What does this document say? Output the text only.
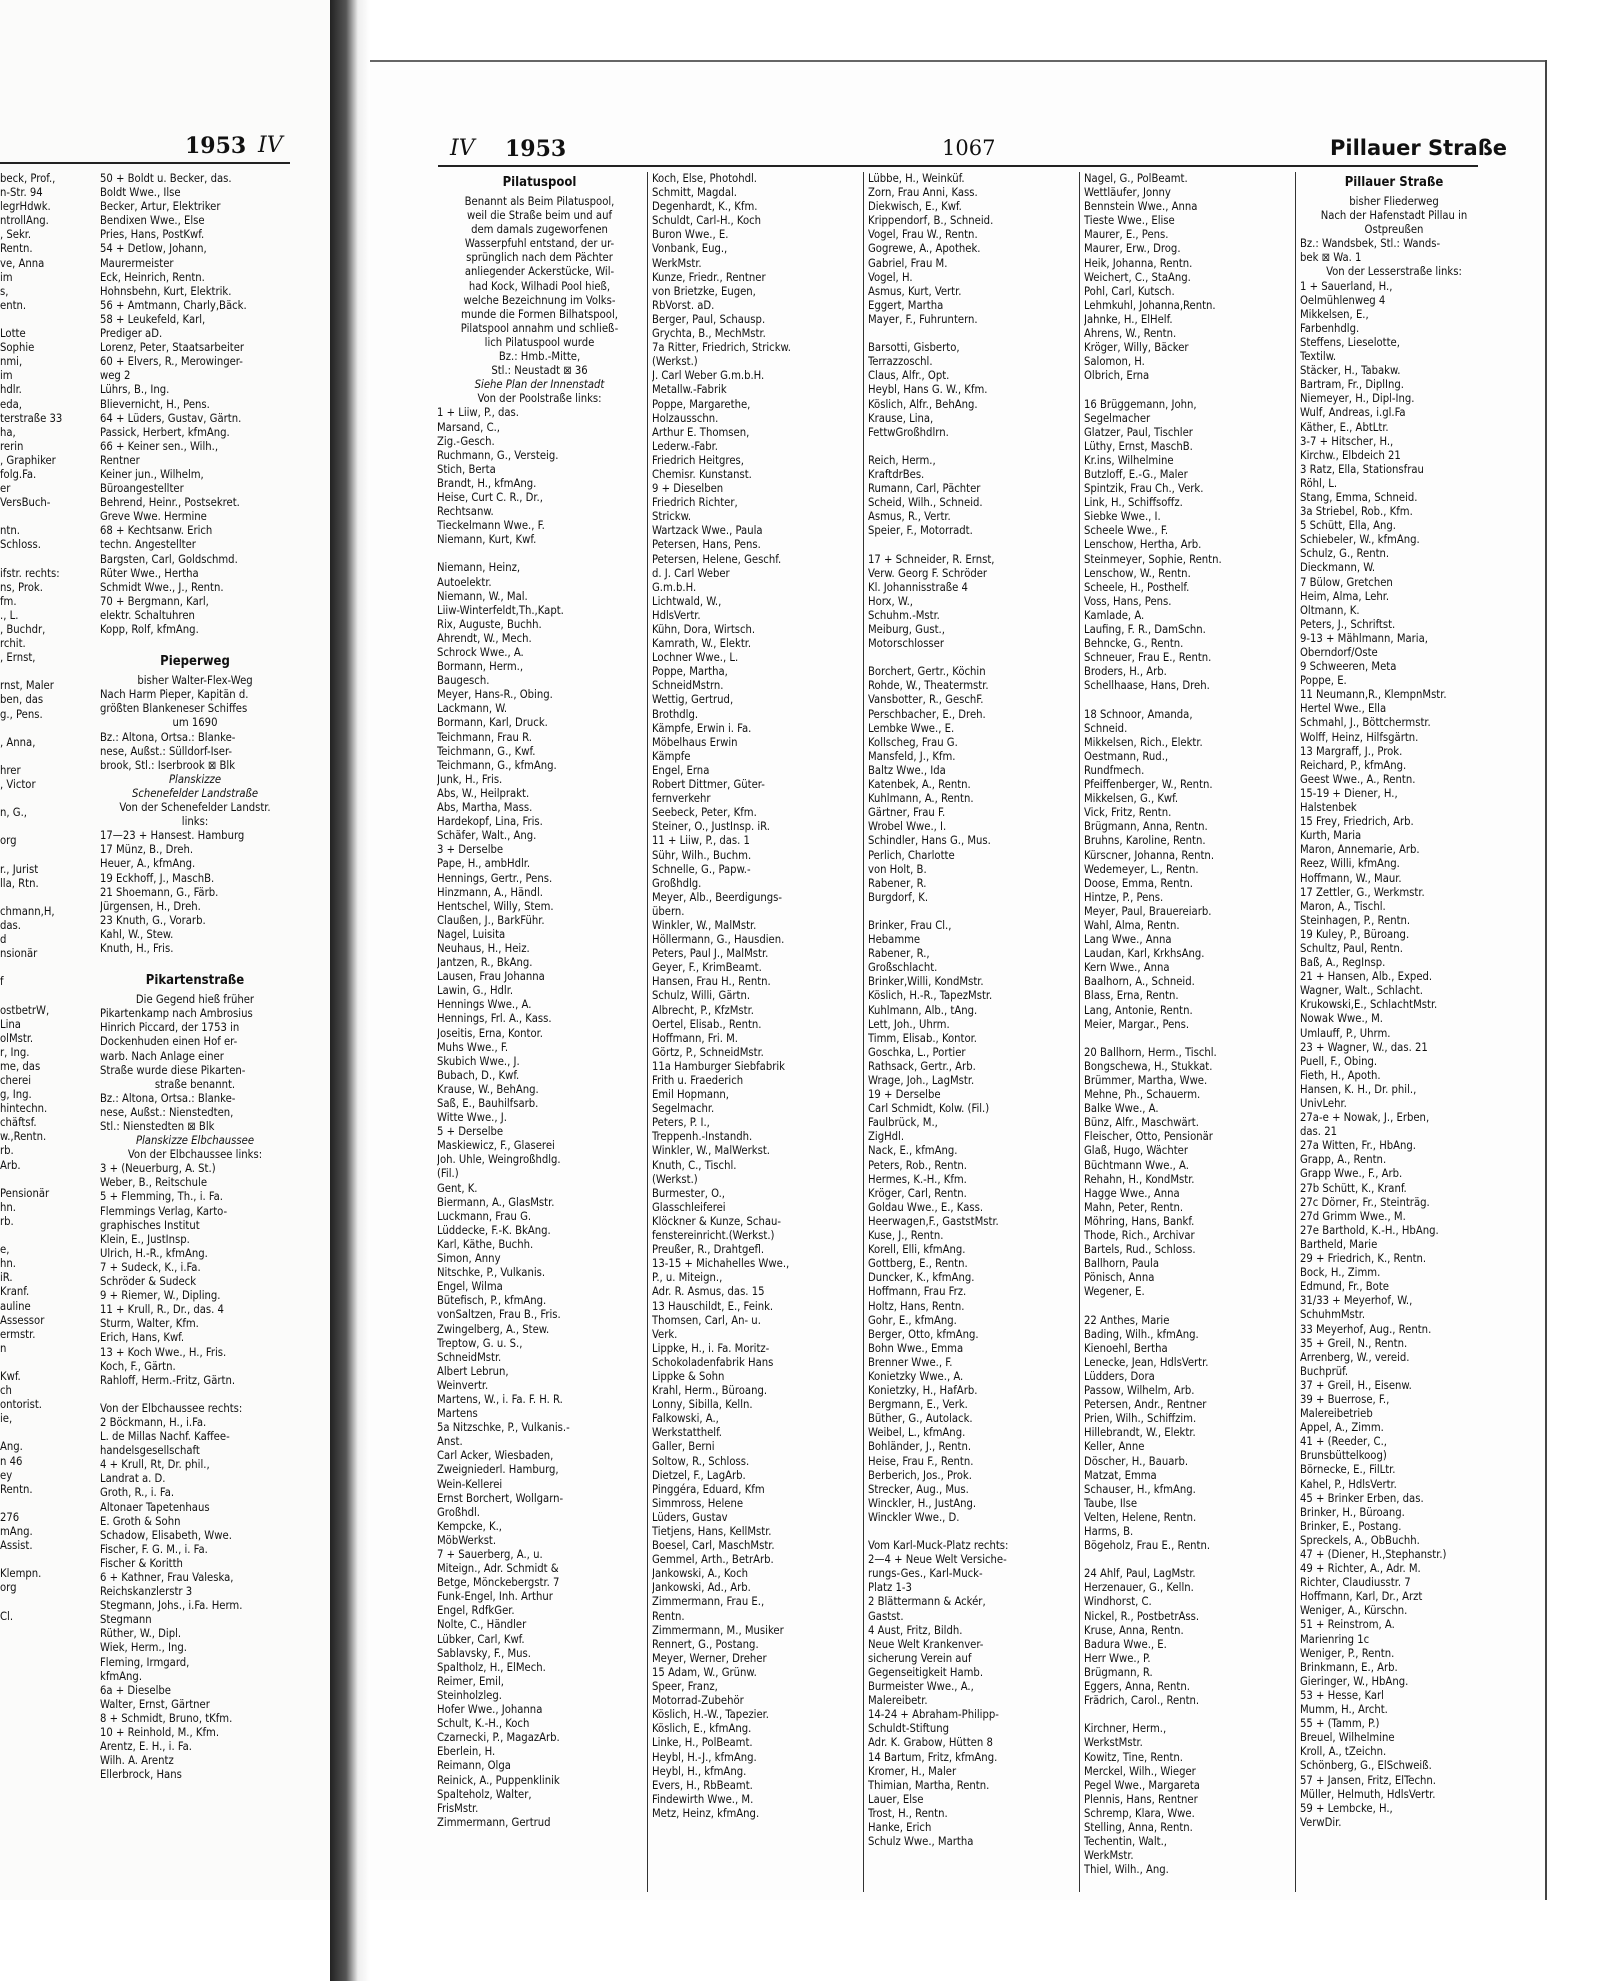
1953 IV	IV 1953	1067	Pillauer Straße
beck, Prof.,
n-Str. 94
legrHdwk.
ntrollAng.
, Sekr.
Rentn.
ve, Anna
im
s,
entn.
Lotte
Sophie
nmi,
im
hdlr.
eda,
terstraße 33
ha,
rerin
, Graphiker
folg.Fa.
er
VersBuch-
ntn.
Schloss.
ifstr. rechts:
ns, Prok.
fm.
., L.
, Buchdr,
rchit.
, Ernst,
rnst, Maler
ben, das
g., Pens.
, Anna,
hrer
, Victor
n, G.,
org
r., Jurist
lla, Rtn.
chmann,H,
das.
d
nsionär
f
ostbetrW,
Lina
olMstr.
r, Ing.
me, das
cherei
g, Ing.
hintechn.
chäftsf.
w.,Rentn.
rb.
Arb.
Pensionär
hn.
rb.
e,
hn.
iR.
Kranf.
auline
Assessor
ermstr.
n
Kwf.
ch
ontorist.
ie,
Ang.
n 46
ey
Rentn.
276
mAng.
Assist.
Klempn.
org
Cl.
50 + Boldt u. Becker, das.
Boldt Wwe., Ilse
Becker, Artur, Elektriker
Bendixen Wwe., Else
Pries, Hans, PostKwf.
54 + Detlow, Johann,
Maurermeister
Eck, Heinrich, Rentn.
Hohnsbehn, Kurt, Elektrik.
56 + Amtmann, Charly,Bäck.
58 + Leukefeld, Karl,
Prediger aD.
Lorenz, Peter, Staatsarbeiter
60 + Elvers, R., Merowinger-
weg 2
Lührs, B., Ing.
Blievernicht, H., Pens.
64 + Lüders, Gustav, Gärtn.
Passick, Herbert, kfmAng.
66 + Keiner sen., Wilh.,
Rentner
Keiner jun., Wilhelm,
Büroangestellter
Behrend, Heinr., Postsekret.
Greve Wwe. Hermine
68 + Kechtsanw. Erich
techn. Angestellter
Bargsten, Carl, Goldschmd.
Rüter Wwe., Hertha
Schmidt Wwe., J., Rentn.
70 + Bergmann, Karl,
elektr. Schaltuhren
Kopp, Rolf, kfmAng.
Pieperweg
bisher Walter-Flex-Weg
Nach Harm Pieper, Kapitän d.
größten Blankeneser Schiffes
um 1690
Bz.: Altona, Ortsa.: Blanke-
nese, Außst.: Sülldorf-Iser-
brook, Stl.: Iserbrook ⊠ Blk
Planskizze
Schenefelder Landstraße
Von der Schenefelder Landstr.
links:
17—23 + Hansest. Hamburg
17 Münz, B., Dreh.
Heuer, A., kfmAng.
19 Eckhoff, J., MaschB.
21 Shoemann, G., Färb.
Jürgensen, H., Dreh.
23 Knuth, G., Vorarb.
Kahl, W., Stew.
Knuth, H., Fris.
Pikartenstraße
Die Gegend hieß früher
Pikartenkamp nach Ambrosius
Hinrich Piccard, der 1753 in
Dockenhuden einen Hof er-
warb. Nach Anlage einer
Straße wurde diese Pikarten-
straße benannt.
Bz.: Altona, Ortsa.: Blanke-
nese, Außst.: Nienstedten,
Stl.: Nienstedten ⊠ Blk
Planskizze Elbchaussee
Von der Elbchaussee links:
3 + (Neuerburg, A. St.)
Weber, B., Reitschule
5 + Flemming, Th., i. Fa.
Flemmings Verlag, Karto-
graphisches Institut
Klein, E., JustInsp.
Ulrich, H.-R., kfmAng.
7 + Sudeck, K., i.Fa.
Schröder & Sudeck
9 + Riemer, W., Dipling.
11 + Krull, R., Dr., das. 4
Sturm, Walter, Kfm.
Erich, Hans, Kwf.
13 + Koch Wwe., H., Fris.
Koch, F., Gärtn.
Rahloff, Herm.-Fritz, Gärtn.
Von der Elbchaussee rechts:
2 Böckmann, H., i.Fa.
L. de Millas Nachf. Kaffee-
handelsgesellschaft
4 + Krull, Rt, Dr. phil.,
Landrat a. D.
Groth, R., i. Fa.
Altonaer Tapetenhaus
E. Groth & Sohn
Schadow, Elisabeth, Wwe.
Fischer, F. G. M., i. Fa.
Fischer & Koritth
6 + Kathner, Frau Valeska,
Reichskanzlerstr 3
Stegmann, Johs., i.Fa. Herm.
Stegmann
Rüther, W., Dipl.
Wiek, Herm., Ing.
Fleming, Irmgard,
kfmAng.
6a + Dieselbe
Walter, Ernst, Gärtner
8 + Schmidt, Bruno, tKfm.
10 + Reinhold, M., Kfm.
Arentz, E. H., i. Fa.
Wilh. A. Arentz
Ellerbrock, Hans
Pilatuspool
Benannt als Beim Pilatuspool,
weil die Straße beim und auf
dem damals zugeworfenen
Wasserpfuhl entstand, der ur-
sprünglich nach dem Pächter
anliegender Ackerstücke, Wil-
had Kock, Wilhadi Pool hieß,
welche Bezeichnung im Volks-
munde die Formen Bilhatspool,
Pilatspool annahm und schließ-
lich Pilatuspool wurde
Bz.: Hmb.-Mitte,
Stl.: Neustadt ⊠ 36
Siehe Plan der Innenstadt
Von der Poolstraße links:
1 + Liiw, P., das.
Marsand, C.,
Zig.-Gesch.
Ruchmann, G., Versteig.
Stich, Berta
Brandt, H., kfmAng.
Heise, Curt C. R., Dr.,
Rechtsanw.
Tieckelmann Wwe., F.
Niemann, Kurt, Kwf.
Niemann, Heinz,
Autoelektr.
Niemann, W., Mal.
Liiw-Winterfeldt,Th.,Kapt.
Rix, Auguste, Buchh.
Ahrendt, W., Mech.
Schrock Wwe., A.
Bormann, Herm.,
Baugesch.
Meyer, Hans-R., Obing.
Lackmann, W.
Bormann, Karl, Druck.
Teichmann, Frau R.
Teichmann, G., Kwf.
Teichmann, G., kfmAng.
Junk, H., Fris.
Abs, W., Heilprakt.
Abs, Martha, Mass.
Hardekopf, Lina, Fris.
Schäfer, Walt., Ang.
3 + Derselbe
Pape, H., ambHdlr.
Hennings, Gertr., Pens.
Hinzmann, A., Händl.
Hentschel, Willy, Stem.
Claußen, J., BarkFühr.
Nagel, Luisita
Neuhaus, H., Heiz.
Jantzen, R., BkAng.
Lausen, Frau Johanna
Lawin, G., Hdlr.
Hennings Wwe., A.
Hennings, Frl. A., Kass.
Joseitis, Erna, Kontor.
Muhs Wwe., F.
Skubich Wwe., J.
Bubach, D., Kwf.
Krause, W., BehAng.
Saß, E., Bauhilfsarb.
Witte Wwe., J.
5 + Derselbe
Maskiewicz, F., Glaserei
Joh. Uhle, Weingroßhdlg.
(Fil.)
Gent, K.
Biermann, A., GlasMstr.
Luckmann, Frau G.
Lüddecke, F.-K. BkAng.
Karl, Käthe, Buchh.
Simon, Anny
Nitschke, P., Vulkanis.
Engel, Wilma
Bütefisch, P., kfmAng.
vonSaltzen, Frau B., Fris.
Zwingelberg, A., Stew.
Treptow, G. u. S.,
SchneidMstr.
Albert Lebrun,
Weinvertr.
Martens, W., i. Fa. F. H. R.
Martens
5a Nitzschke, P., Vulkanis.-
Anst.
Carl Acker, Wiesbaden,
Zweigniederl. Hamburg,
Wein-Kellerei
Ernst Borchert, Wollgarn-
Großhdl.
Kempcke, K.,
MöbWerkst.
7 + Sauerberg, A., u.
Miteign., Adr. Schmidt &
Betge, Mönckebergstr. 7
Funk-Engel, Inh. Arthur
Engel, RdfkGer.
Nolte, C., Händler
Lübker, Carl, Kwf.
Sablavsky, F., Mus.
Spaltholz, H., ElMech.
Reimer, Emil,
Steinholzleg.
Hofer Wwe., Johanna
Schult, K.-H., Koch
Czarnecki, P., MagazArb.
Eberlein, H.
Reimann, Olga
Reinick, A., Puppenklinik
Spalteholz, Walter,
FrisMstr.
Zimmermann, Gertrud
Koch, Else, Photohdl.
Schmitt, Magdal.
Degenhardt, K., Kfm.
Schuldt, Carl-H., Koch
Buron Wwe., E.
Vonbank, Eug.,
WerkMstr.
Kunze, Friedr., Rentner
von Brietzke, Eugen,
RbVorst. aD.
Berger, Paul, Schausp.
Grychta, B., MechMstr.
7a Ritter, Friedrich, Strickw.
(Werkst.)
J. Carl Weber G.m.b.H.
Metallw.-Fabrik
Poppe, Margarethe,
Holzausschn.
Arthur E. Thomsen,
Lederw.-Fabr.
Friedrich Heitgres,
Chemisr. Kunstanst.
9 + Dieselben
Friedrich Richter,
Strickw.
Wartzack Wwe., Paula
Petersen, Hans, Pens.
Petersen, Helene, Geschf.
d. J. Carl Weber
G.m.b.H.
Lichtwald, W.,
HdlsVertr.
Kühn, Dora, Wirtsch.
Kamrath, W., Elektr.
Lochner Wwe., L.
Poppe, Martha,
SchneidMstrn.
Wettig, Gertrud,
Brothdlg.
Kämpfe, Erwin i. Fa.
Möbelhaus Erwin
Kämpfe
Engel, Erna
Robert Dittmer, Güter-
fernverkehr
Seebeck, Peter, Kfm.
Steiner, O., JustInsp. iR.
11 + Liiw, P., das. 1
Sühr, Wilh., Buchm.
Schnelle, G., Papw.-
Großhdlg.
Meyer, Alb., Beerdigungs-
übern.
Winkler, W., MalMstr.
Höllermann, G., Hausdien.
Peters, Paul J., MalMstr.
Geyer, F., KrimBeamt.
Hansen, Frau H., Rentn.
Schulz, Willi, Gärtn.
Albrecht, P., KfzMstr.
Oertel, Elisab., Rentn.
Hoffmann, Fri. M.
Görtz, P., SchneidMstr.
11a Hamburger Siebfabrik
Frith u. Fraederich
Emil Hopmann,
Segelmachr.
Peters, P. I.,
Treppenh.-Instandh.
Winkler, W., MalWerkst.
Knuth, C., Tischl.
(Werkst.)
Burmester, O.,
Glasschleiferei
Klöckner & Kunze, Schau-
fenstereinricht.(Werkst.)
Preußer, R., Drahtgefl.
13-15 + Michahelles Wwe.,
P., u. Miteign.,
Adr. R. Asmus, das. 15
13 Hauschildt, E., Feink.
Thomsen, Carl, An- u.
Verk.
Lippke, H., i. Fa. Moritz-
Schokoladenfabrik Hans
Lippke & Sohn
Krahl, Herm., Büroang.
Lonny, Sibilla, Kelln.
Falkowski, A.,
Werkstatthelf.
Galler, Berni
Soltow, R., Schloss.
Dietzel, F., LagArb.
Pinggéra, Eduard, Kfm
Simmross, Helene
Lüders, Gustav
Tietjens, Hans, KellMstr.
Boesel, Carl, MaschMstr.
Gemmel, Arth., BetrArb.
Jankowski, A., Koch
Jankowski, Ad., Arb.
Zimmermann, Frau E.,
Rentn.
Zimmermann, M., Musiker
Rennert, G., Postang.
Meyer, Werner, Dreher
15 Adam, W., Grünw.
Speer, Franz,
Motorrad-Zubehör
Köslich, H.-W., Tapezier.
Köslich, E., kfmAng.
Linke, H., PolBeamt.
Heybl, H.-J., kfmAng.
Heybl, H., kfmAng.
Evers, H., RbBeamt.
Findewirth Wwe., M.
Metz, Heinz, kfmAng.
Lübbe, H., Weinküf.
Zorn, Frau Anni, Kass.
Diekwisch, E., Kwf.
Krippendorf, B., Schneid.
Vogel, Frau W., Rentn.
Gogrewe, A., Apothek.
Gabriel, Frau M.
Vogel, H.
Asmus, Kurt, Vertr.
Eggert, Martha
Mayer, F., Fuhruntern.
Barsotti, Gisberto,
Terrazzoschl.
Claus, Alfr., Opt.
Heybl, Hans G. W., Kfm.
Köslich, Alfr., BehAng.
Krause, Lina,
FettwGroßhdlrn.
Reich, Herm.,
KraftdrBes.
Rumann, Carl, Pächter
Scheid, Wilh., Schneid.
Asmus, R., Vertr.
Speier, F., Motorradt.
17 + Schneider, R. Ernst,
Verw. Georg F. Schröder
Kl. Johannisstraße 4
Horx, W.,
Schuhm.-Mstr.
Meiburg, Gust.,
Motorschlosser
Borchert, Gertr., Köchin
Rohde, W., Theatermstr.
Vansbotter, R., GeschF.
Perschbacher, E., Dreh.
Lembke Wwe., E.
Kollscheg, Frau G.
Mansfeld, J., Kfm.
Baltz Wwe., Ida
Katenbek, A., Rentn.
Kuhlmann, A., Rentn.
Gärtner, Frau F.
Wrobel Wwe., I.
Schindler, Hans G., Mus.
Perlich, Charlotte
von Holt, B.
Rabener, R.
Burgdorf, K.
Brinker, Frau Cl.,
Hebamme
Rabener, R.,
Großschlacht.
Brinker,Willi, KondMstr.
Köslich, H.-R., TapezMstr.
Kuhlmann, Alb., tAng.
Lett, Joh., Uhrm.
Timm, Elisab., Kontor.
Goschka, L., Portier
Rathsack, Gertr., Arb.
Wrage, Joh., LagMstr.
19 + Derselbe
Carl Schmidt, Kolw. (Fil.)
Faulbrück, M.,
ZigHdl.
Nack, E., kfmAng.
Peters, Rob., Rentn.
Hermes, K.-H., Kfm.
Kröger, Carl, Rentn.
Goldau Wwe., E., Kass.
Heerwagen,F., GaststMstr.
Kuse, J., Rentn.
Korell, Elli, kfmAng.
Gottberg, E., Rentn.
Duncker, K., kfmAng.
Hoffmann, Frau Frz.
Holtz, Hans, Rentn.
Gohr, E., kfmAng.
Berger, Otto, kfmAng.
Bohn Wwe., Emma
Brenner Wwe., F.
Konietzky Wwe., A.
Konietzky, H., HafArb.
Bergmann, E., Verk.
Büther, G., Autolack.
Weibel, L., kfmAng.
Bohländer, J., Rentn.
Heise, Frau F., Rentn.
Berberich, Jos., Prok.
Strecker, Aug., Mus.
Winckler, H., JustAng.
Winckler Wwe., D.
Vom Karl-Muck-Platz rechts:
2—4 + Neue Welt Versiche-
rungs-Ges., Karl-Muck-
Platz 1-3
2 Blättermann & Ackér,
Gastst.
4 Aust, Fritz, Bildh.
Neue Welt Krankenver-
sicherung Verein auf
Gegenseitigkeit Hamb.
Burmeister Wwe., A.,
Malereibetr.
14-24 + Abraham-Philipp-
Schuldt-Stiftung
Adr. K. Grabow, Hütten 8
14 Bartum, Fritz, kfmAng.
Kromer, H., Maler
Thimian, Martha, Rentn.
Lauer, Else
Trost, H., Rentn.
Hanke, Erich
Schulz Wwe., Martha
Nagel, G., PolBeamt.
Wettläufer, Jonny
Bennstein Wwe., Anna
Tieste Wwe., Elise
Maurer, E., Pens.
Maurer, Erw., Drog.
Heik, Johanna, Rentn.
Weichert, C., StaAng.
Pohl, Carl, Kutsch.
Lehmkuhl, Johanna,Rentn.
Jahnke, H., ElHelf.
Ahrens, W., Rentn.
Kröger, Willy, Bäcker
Salomon, H.
Olbrich, Erna
16 Brüggemann, John,
Segelmacher
Glatzer, Paul, Tischler
Lüthy, Ernst, MaschB.
Kr.ins, Wilhelmine
Butzloff, E.-G., Maler
Spintzik, Frau Ch., Verk.
Link, H., Schiffsoffz.
Siebke Wwe., I.
Scheele Wwe., F.
Lenschow, Hertha, Arb.
Steinmeyer, Sophie, Rentn.
Lenschow, W., Rentn.
Scheele, H., Posthelf.
Voss, Hans, Pens.
Kamlade, A.
Laufing, F. R., DamSchn.
Behncke, G., Rentn.
Schneuer, Frau E., Rentn.
Broders, H., Arb.
Schellhaase, Hans, Dreh.
18 Schnoor, Amanda,
Schneid.
Mikkelsen, Rich., Elektr.
Oestmann, Rud.,
Rundfmech.
Pfeiffenberger, W., Rentn.
Mikkelsen, G., Kwf.
Vick, Fritz, Rentn.
Brügmann, Anna, Rentn.
Bruhns, Karoline, Rentn.
Kürscner, Johanna, Rentn.
Wedemeyer, L., Rentn.
Doose, Emma, Rentn.
Hintze, P., Pens.
Meyer, Paul, Brauereiarb.
Wahl, Alma, Rentn.
Lang Wwe., Anna
Laudan, Karl, KrkhsAng.
Kern Wwe., Anna
Baalhorn, A., Schneid.
Blass, Erna, Rentn.
Lang, Antonie, Rentn.
Meier, Margar., Pens.
20 Ballhorn, Herm., Tischl.
Bongschewa, H., Stukkat.
Brümmer, Martha, Wwe.
Mehne, Ph., Schauerm.
Balke Wwe., A.
Bünz, Alfr., Maschwärt.
Fleischer, Otto, Pensionär
Glaß, Hugo, Wächter
Büchtmann Wwe., A.
Rehahn, H., KondMstr.
Hagge Wwe., Anna
Mahn, Peter, Rentn.
Möhring, Hans, Bankf.
Thode, Rich., Archivar
Bartels, Rud., Schloss.
Ballhorn, Paula
Pönisch, Anna
Wegener, E.
22 Anthes, Marie
Bading, Wilh., kfmAng.
Kienoehl, Bertha
Lenecke, Jean, HdlsVertr.
Lüdders, Dora
Passow, Wilhelm, Arb.
Petersen, Andr., Rentner
Prien, Wilh., Schiffzim.
Hillebrandt, W., Elektr.
Keller, Anne
Döscher, H., Bauarb.
Matzat, Emma
Schauser, H., kfmAng.
Taube, Ilse
Velten, Helene, Rentn.
Harms, B.
Bögeholz, Frau E., Rentn.
24 Ahlf, Paul, LagMstr.
Herzenauer, G., Kelln.
Windhorst, C.
Nickel, R., PostbetrAss.
Kruse, Anna, Rentn.
Badura Wwe., E.
Herr Wwe., P.
Brügmann, R.
Eggers, Anna, Rentn.
Frädrich, Carol., Rentn.
Kirchner, Herm.,
WerkstMstr.
Kowitz, Tine, Rentn.
Merckel, Wilh., Wieger
Pegel Wwe., Margareta
Plennis, Hans, Rentner
Schremp, Klara, Wwe.
Stelling, Anna, Rentn.
Techentin, Walt.,
WerkMstr.
Thiel, Wilh., Ang.
Pillauer Straße
bisher Fliederweg
Nach der Hafenstadt Pillau in
Ostpreußen
Bz.: Wandsbek, Stl.: Wands-
bek ⊠ Wa. 1
Von der Lesserstraße links:
1 + Sauerland, H.,
Oelmühlenweg 4
Mikkelsen, E.,
Farbenhdlg.
Steffens, Lieselotte,
Textilw.
Stäcker, H., Tabakw.
Bartram, Fr., DiplIng.
Niemeyer, H., Dipl-Ing.
Wulf, Andreas, i.gl.Fa
Käther, E., AbtLtr.
3-7 + Hitscher, H.,
Kirchw., Elbdeich 21
3 Ratz, Ella, Stationsfrau
Röhl, L.
Stang, Emma, Schneid.
3a Striebel, Rob., Kfm.
5 Schütt, Ella, Ang.
Schiebeler, W., kfmAng.
Schulz, G., Rentn.
Dieckmann, W.
7 Bülow, Gretchen
Heim, Alma, Lehr.
Oltmann, K.
Peters, J., Schriftst.
9-13 + Mählmann, Maria,
Oberndorf/Oste
9 Schweeren, Meta
Poppe, E.
11 Neumann,R., KlempnMstr.
Hertel Wwe., Ella
Schmahl, J., Böttchermstr.
Wolff, Heinz, Hilfsgärtn.
13 Margraff, J., Prok.
Reichard, P., kfmAng.
Geest Wwe., A., Rentn.
15-19 + Diener, H.,
Halstenbek
15 Frey, Friedrich, Arb.
Kurth, Maria
Maron, Annemarie, Arb.
Reez, Willi, kfmAng.
Hoffmann, W., Maur.
17 Zettler, G., Werkmstr.
Maron, A., Tischl.
Steinhagen, P., Rentn.
19 Kuley, P., Büroang.
Schultz, Paul, Rentn.
Baß, A., RegInsp.
21 + Hansen, Alb., Exped.
Wagner, Walt., Schlacht.
Krukowski,E., SchlachtMstr.
Nowak Wwe., M.
Umlauff, P., Uhrm.
23 + Wagner, W., das. 21
Puell, F., Obing.
Fieth, H., Apoth.
Hansen, K. H., Dr. phil.,
UnivLehr.
27a-e + Nowak, J., Erben,
das. 21
27a Witten, Fr., HbAng.
Grapp, A., Rentn.
Grapp Wwe., F., Arb.
27b Schütt, K., Kranf.
27c Dörner, Fr., Steinträg.
27d Grimm Wwe., M.
27e Barthold, K.-H., HbAng.
Bartheld, Marie
29 + Friedrich, K., Rentn.
Bock, H., Zimm.
Edmund, Fr., Bote
31/33 + Meyerhof, W.,
SchuhmMstr.
33 Meyerhof, Aug., Rentn.
35 + Greil, N., Rentn.
Arrenberg, W., vereid.
Buchprüf.
37 + Greil, H., Eisenw.
39 + Buerrose, F.,
Malereibetrieb
Appel, A., Zimm.
41 + (Reeder, C.,
Brunsbüttelkoog)
Börnecke, E., FilLtr.
Kahel, P., HdlsVertr.
45 + Brinker Erben, das.
Brinker, H., Büroang.
Brinker, E., Postang.
Spreckels, A., ObBuchh.
47 + (Diener, H.,Stephanstr.)
49 + Richter, A., Adr. M.
Richter, Claudiusstr. 7
Hoffmann, Karl, Dr., Arzt
Weniger, A., Kürschn.
51 + Reinstrom, A.
Marienring 1c
Weniger, P., Rentn.
Brinkmann, E., Arb.
Gieringer, W., HbAng.
53 + Hesse, Karl
Mumm, H., Archt.
55 + (Tamm, P.)
Breuel, Wilhelmine
Kroll, A., tZeichn.
Schönberg, G., ElSchweiß.
57 + Jansen, Fritz, ElTechn.
Müller, Helmuth, HdlsVertr.
59 + Lembcke, H.,
VerwDir.
